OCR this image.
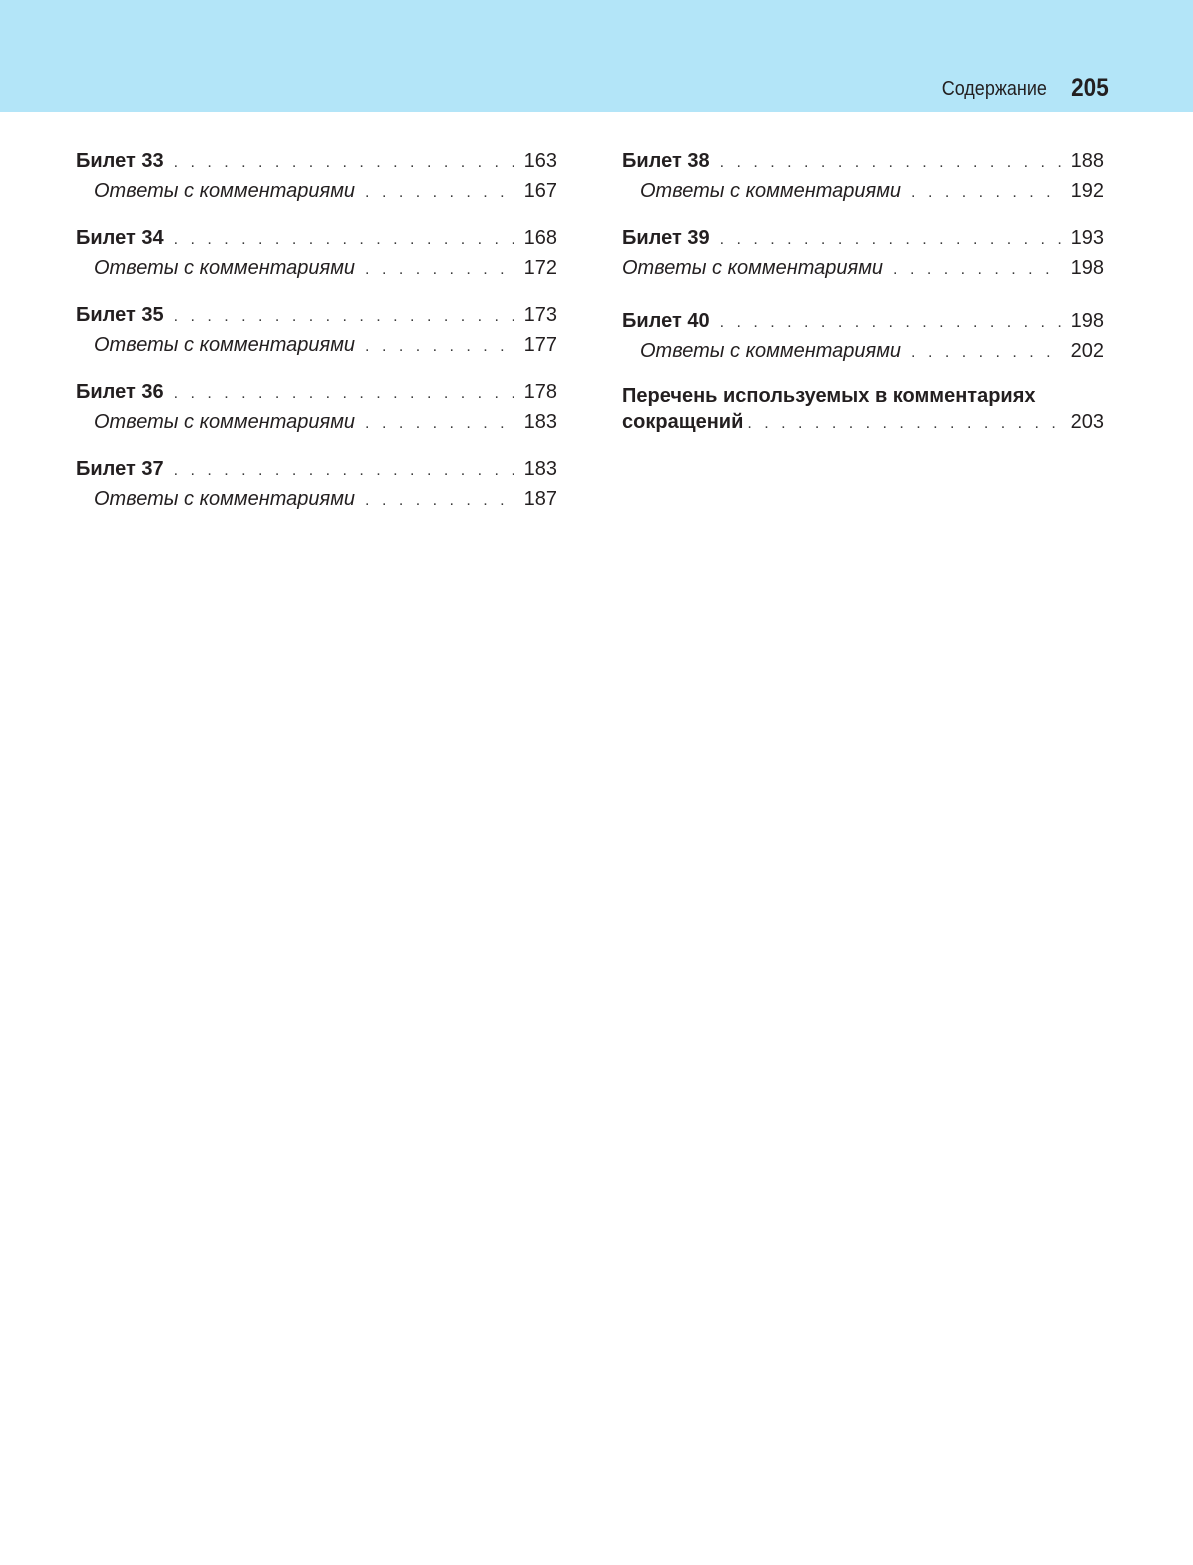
Содержание 205
Билет 33 . . .	163
Ответы с комментариями . . .	167
Билет 34 . . .	168
Ответы с комментариями . . .	172
Билет 35 . . .	173
Ответы с комментариями . . .	177
Билет 36 . . .	178
Ответы с комментариями . . .	183
Билет 37 . . .	183
Ответы с комментариями . . .	187
Билет 38 . . .	188
Ответы с комментариями . . .	192
Билет 39 . . .	193
Ответы с комментариями . . .	198
Билет 40 . . .	198
Ответы с комментариями . . .	202
Перечень используемых в комментариях
сокращений . . .	203
